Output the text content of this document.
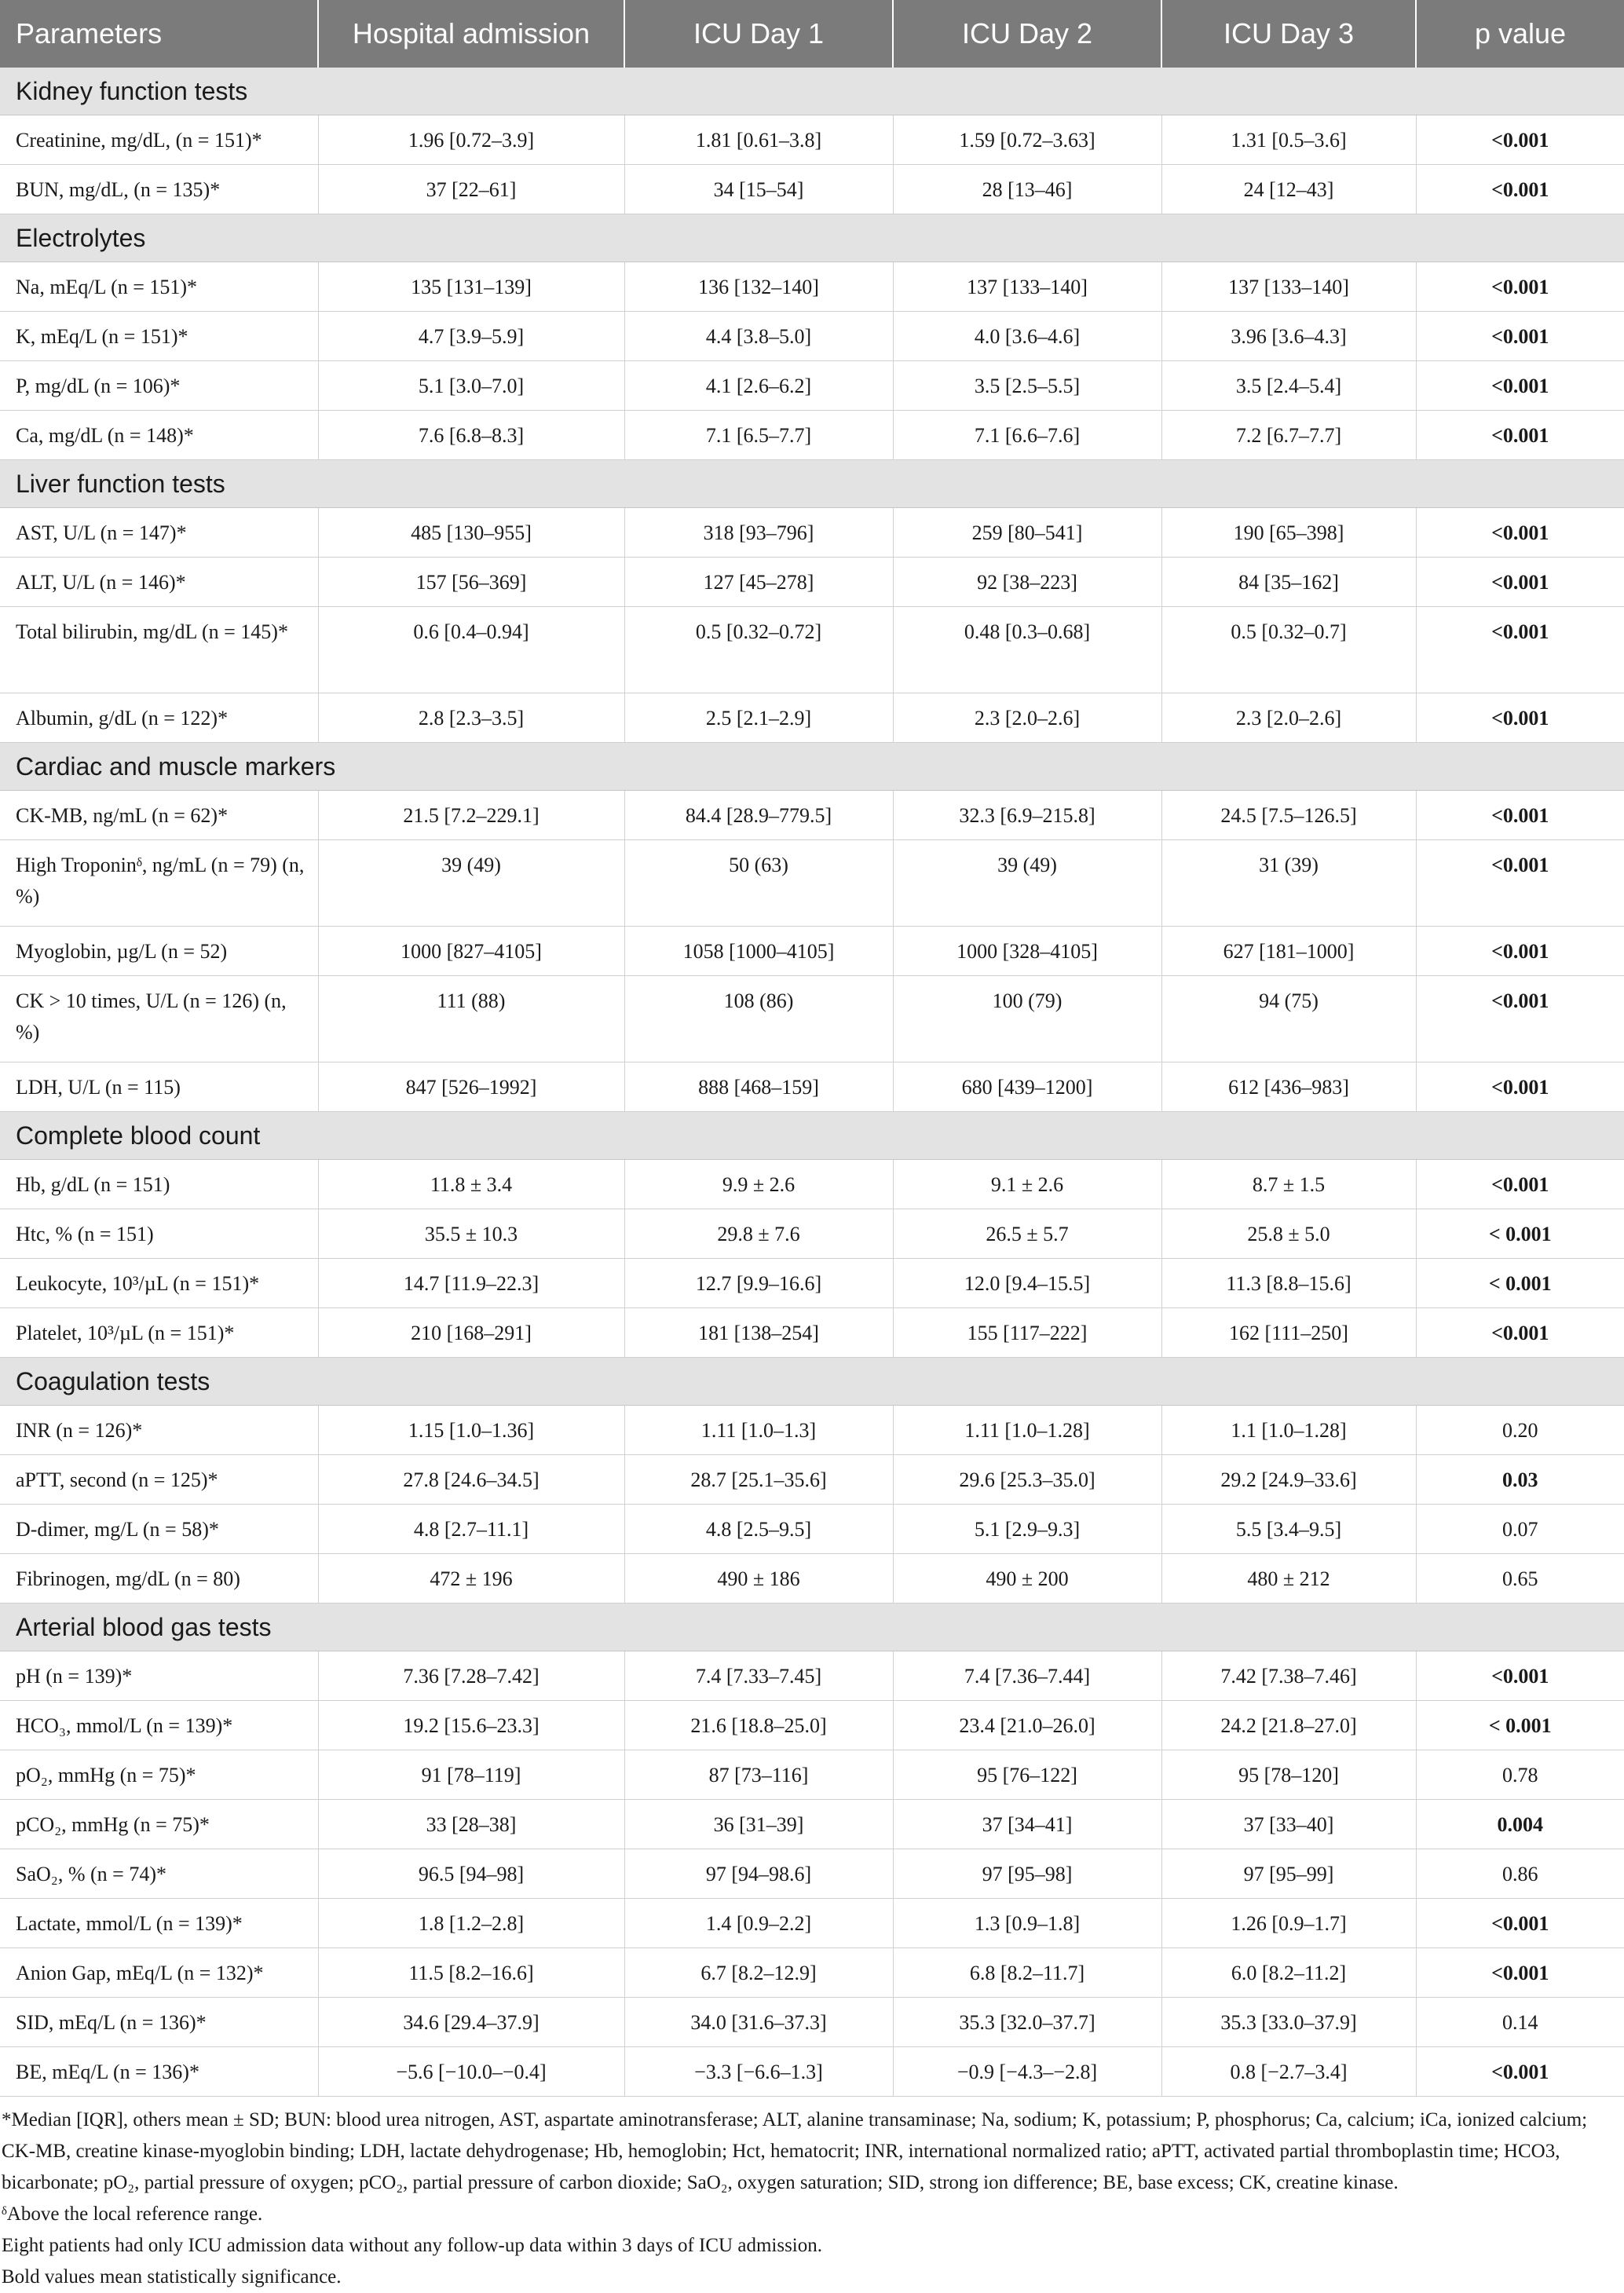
Parameters	Hospital admission	ICU Day 1	ICU Day 2	ICU Day 3	p value
Kidney function tests					
Creatinine, mg/dL, (n = 151)*	1.96 [0.72–3.9]	1.81 [0.61–3.8]	1.59 [0.72–3.63]	1.31 [0.5–3.6]	<0.001
BUN, mg/dL, (n = 135)*	37 [22–61]	34 [15–54]	28 [13–46]	24 [12–43]	<0.001
Electrolytes					
Na, mEq/L (n = 151)*	135 [131–139]	136 [132–140]	137 [133–140]	137 [133–140]	<0.001
K, mEq/L (n = 151)*	4.7 [3.9–5.9]	4.4 [3.8–5.0]	4.0 [3.6–4.6]	3.96 [3.6–4.3]	<0.001
P, mg/dL (n = 106)*	5.1 [3.0–7.0]	4.1 [2.6–6.2]	3.5 [2.5–5.5]	3.5 [2.4–5.4]	<0.001
Ca, mg/dL (n = 148)*	7.6 [6.8–8.3]	7.1 [6.5–7.7]	7.1 [6.6–7.6]	7.2 [6.7–7.7]	<0.001
Liver function tests					
AST, U/L (n = 147)*	485 [130–955]	318 [93–796]	259 [80–541]	190 [65–398]	<0.001
ALT, U/L (n = 146)*	157 [56–369]	127 [45–278]	92 [38–223]	84 [35–162]	<0.001
Total bilirubin, mg/dL (n = 145)*	0.6 [0.4–0.94]	0.5 [0.32–0.72]	0.48 [0.3–0.68]	0.5 [0.32–0.7]	<0.001
Albumin, g/dL (n = 122)*	2.8 [2.3–3.5]	2.5 [2.1–2.9]	2.3 [2.0–2.6]	2.3 [2.0–2.6]	<0.001
Cardiac and muscle markers					
CK-MB, ng/mL (n = 62)*	21.5 [7.2–229.1]	84.4 [28.9–779.5]	32.3 [6.9–215.8]	24.5 [7.5–126.5]	<0.001
High Troponinᵟ, ng/mL (n = 79) (n, %)	39 (49)	50 (63)	39 (49)	31 (39)	<0.001
Myoglobin, µg/L (n = 52)	1000 [827–4105]	1058 [1000–4105]	1000 [328–4105]	627 [181–1000]	<0.001
CK > 10 times, U/L (n = 126) (n, %)	111 (88)	108 (86)	100 (79)	94 (75)	<0.001
LDH, U/L (n = 115)	847 [526–1992]	888 [468–159]	680 [439–1200]	612 [436–983]	<0.001
Complete blood count					
Hb, g/dL (n = 151)	11.8 ± 3.4	9.9 ± 2.6	9.1 ± 2.6	8.7 ± 1.5	<0.001
Htc, % (n = 151)	35.5 ± 10.3	29.8 ± 7.6	26.5 ± 5.7	25.8 ± 5.0	< 0.001
Leukocyte, 10³/µL (n = 151)*	14.7 [11.9–22.3]	12.7 [9.9–16.6]	12.0 [9.4–15.5]	11.3 [8.8–15.6]	< 0.001
Platelet, 10³/µL (n = 151)*	210 [168–291]	181 [138–254]	155 [117–222]	162 [111–250]	<0.001
Coagulation tests					
INR (n = 126)*	1.15 [1.0–1.36]	1.11 [1.0–1.3]	1.11 [1.0–1.28]	1.1 [1.0–1.28]	0.20
aPTT, second (n = 125)*	27.8 [24.6–34.5]	28.7 [25.1–35.6]	29.6 [25.3–35.0]	29.2 [24.9–33.6]	0.03
D-dimer, mg/L (n = 58)*	4.8 [2.7–11.1]	4.8 [2.5–9.5]	5.1 [2.9–9.3]	5.5 [3.4–9.5]	0.07
Fibrinogen, mg/dL (n = 80)	472 ± 196	490 ± 186	490 ± 200	480 ± 212	0.65
Arterial blood gas tests					
pH (n = 139)*	7.36 [7.28–7.42]	7.4 [7.33–7.45]	7.4 [7.36–7.44]	7.42 [7.38–7.46]	<0.001
HCO₃, mmol/L (n = 139)*	19.2 [15.6–23.3]	21.6 [18.8–25.0]	23.4 [21.0–26.0]	24.2 [21.8–27.0]	< 0.001
pO₂, mmHg (n = 75)*	91 [78–119]	87 [73–116]	95 [76–122]	95 [78–120]	0.78
pCO₂, mmHg (n = 75)*	33 [28–38]	36 [31–39]	37 [34–41]	37 [33–40]	0.004
SaO₂, % (n = 74)*	96.5 [94–98]	97 [94–98.6]	97 [95–98]	97 [95–99]	0.86
Lactate, mmol/L (n = 139)*	1.8 [1.2–2.8]	1.4 [0.9–2.2]	1.3 [0.9–1.8]	1.26 [0.9–1.7]	<0.001
Anion Gap, mEq/L (n = 132)*	11.5 [8.2–16.6]	6.7 [8.2–12.9]	6.8 [8.2–11.7]	6.0 [8.2–11.2]	<0.001
SID, mEq/L (n = 136)*	34.6 [29.4–37.9]	34.0 [31.6–37.3]	35.3 [32.0–37.7]	35.3 [33.0–37.9]	0.14
BE, mEq/L (n = 136)*	−5.6 [−10.0–−0.4]	−3.3 [−6.6–1.3]	−0.9 [−4.3–−2.8]	0.8 [−2.7–3.4]	<0.001

*Median [IQR], others mean ± SD; BUN: blood urea nitrogen, AST, aspartate aminotransferase; ALT, alanine transaminase; Na, sodium; K, potassium; P, phosphorus; Ca, calcium; iCa, ionized calcium; CK-MB, creatine kinase-myoglobin binding; LDH, lactate dehydrogenase; Hb, hemoglobin; Hct, hematocrit; INR, international normalized ratio; aPTT, activated partial thromboplastin time; HCO3, bicarbonate; pO₂, partial pressure of oxygen; pCO₂, partial pressure of carbon dioxide; SaO₂, oxygen saturation; SID, strong ion difference; BE, base excess; CK, creatine kinase.

ᵟAbove the local reference range.

Eight patients had only ICU admission data without any follow-up data within 3 days of ICU admission.

Bold values mean statistically significance.
